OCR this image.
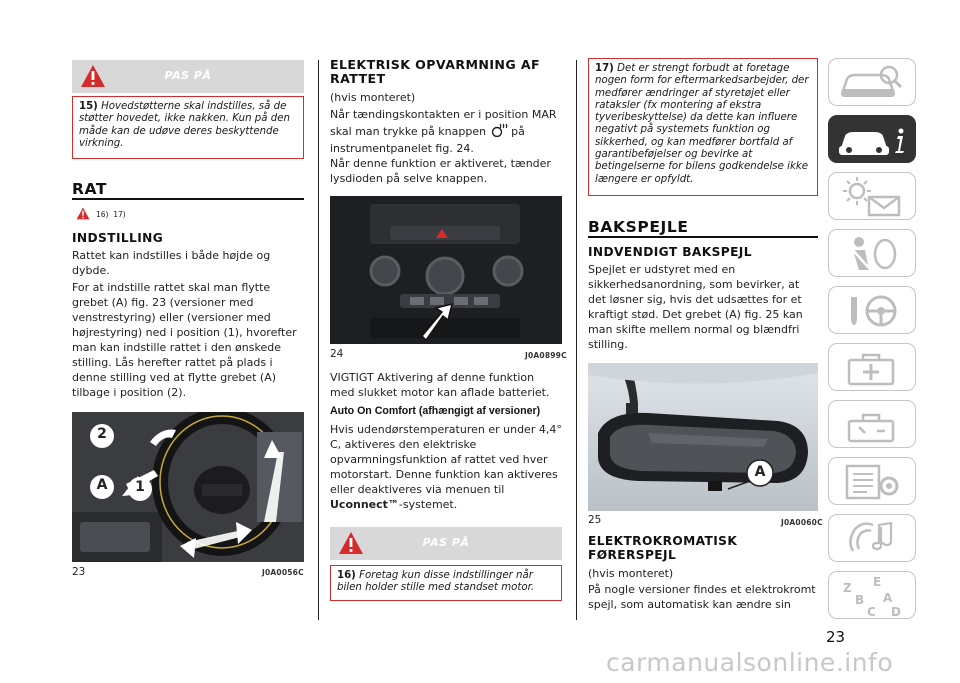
PAS PÅ
15) Hovedstøtterne skal indstilles, så de støtter hovedet, ikke nakken. Kun på den måde kan de udøve deres beskyttende virkning.
RAT
16)  17)
INDSTILLING
Rattet kan indstilles i både højde og dybde.
For at indstille rattet skal man flytte grebet (A) fig. 23 (versioner med venstrestyring) eller (versioner med højrestyring) ned i position (1), hvorefter man kan indstille rattet i den ønskede stilling. Lås herefter rattet på plads i denne stilling ved at flytte grebet (A) tilbage i position (2).
2
A 1
23	J0A0056C
ELEKTRISK OPVARMNING AF RATTET
(hvis monteret)
Når tændingskontakten er i position MAR skal man trykke på knappen på instrumentpanelet fig. 24.
Når denne funktion er aktiveret, tænder lysdioden på selve knappen.
24	J0A0899C
VIGTIGT Aktivering af denne funktion med slukket motor kan aflade batteriet.
Auto On Comfort (afhængigt af versioner)
Hvis udendørstemperaturen er under 4,4° C, aktiveres den elektriske opvarmningsfunktion af rattet ved hver motorstart. Denne funktion kan aktiveres eller deaktiveres via menuen til Uconnect™-systemet.
PAS PÅ
16) Foretag kun disse indstillinger når bilen holder stille med standset motor.
17) Det er strengt forbudt at foretage nogen form for eftermarkedsarbejder, der medfører ændringer af styretøjet eller rataksler (fx montering af ekstra tyveribeskyttelse) da dette kan influere negativt på systemets funktion og sikkerhed, og kan medfører bortfald af garantibeføjelser og bevirke at betingelserne for bilens godkendelse ikke længere er opfyldt.
BAKSPEJLE
INDVENDIGT BAKSPEJL
Spejlet er udstyret med en sikkerhedsanordning, som bevirker, at det løsner sig, hvis det udsættes for et kraftigt stød. Det grebet (A) fig. 25 kan man skifte mellem normal og blændfri stilling.
A
25	J0A0060C
ELEKTROKROMATISK FØRERSPEJL
(hvis monteret)
På nogle versioner findes et elektrokromt spejl, som automatisk kan ændre sin
Z E
B A
C D
23
carmanualsonline.info
